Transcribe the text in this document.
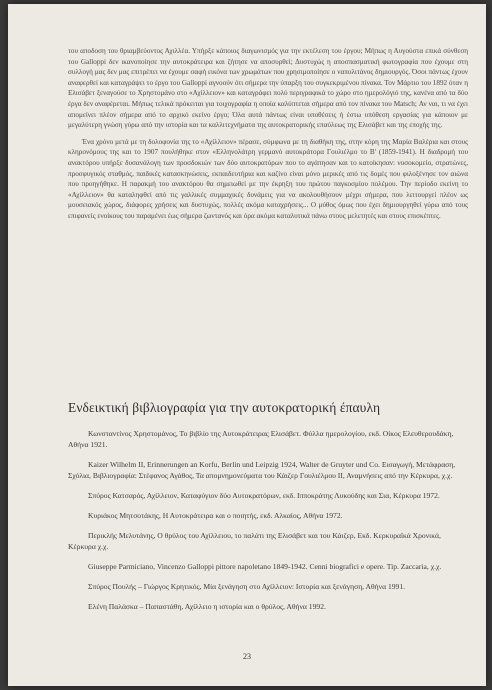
του αποδοση του θριαμβεύοντος Αχιλλέα. Υπήρξε κάποιος διαγωνισμός για την εκτέλεση του έργου; Μήπως η Αυγούστα επικά σύνθεση του Galloppi δεν ικανοποίησε την αυτοκράτειρα και ζήτησε να αποσυρθεί; Δυστυχώς η αποσπασματική φωτογραφία που έχουμε στη συλλογή μας δεν μας επιτρέπει να έχουμε σαφή εικόνα των χρωμάτων που χρησιμοποίησε ο ναπολιτάνος δημιουργός. Όσοι πάντως έχουν αναφερθεί και καταγράψει το έργο του Galloppi αγνοούν ότι σήμερα την ύπαρξη του συγκεκριμένου πίνακα. Τον Μάρτιο του 1892 όταν η Ελισάβετ ξεναγούσε το Χρηστομάνο στο «Αχίλλειον» και καταγράφει πολύ περιγραφικά το χώρο στο ημερολόγιό της, κανένα από τα δύο έργα δεν αναφέρεται. Μήπως τελικά πρόκειται για τοιχογραφία η οποία καλύπτεται σήμερα από τον πίνακα του Matsch; Αν ναι, τι να έχει απομείνει πλέον σήμερα από το αρχικό εκείνο έργο; Όλα αυτά πάντως είναι υποθέσεις ή έστω υπόθεση εργασίας για κάποιον με μεγαλύτερη γνώση γύρω από την ιστορία και τα καλλιτεχνήματα της αυτοκρατορικής επαύλεως της Ελισάβετ και της εποχής της.

Ένα χρόνο μετά με τη δολοφονία της το «Αχίλλειον» πέρασε, σύμφωνα με τη διαθήκη της, στην κόρη της Μαρία Βαλέρια και στους κληρονόμους της και το 1907 πουλήθηκε στον «Ελληνολάτρη γερμανό αυτοκράτορα Γουλιέλμο το Β' (1859-1941). Η διαδρομή του ανακτόρου υπήρξε δυσανάλογη των προσδοκιών των δύο αυτοκρατόρων που το αγάπησαν και το κατοίκησαν: νοσοκομείο, στρατώνες, προσφυγικός σταθμός, παιδικές κατασκηνώσεις, εκπαιδευτήρια και καζίνο είναι μόνο μερικές από τις δομές που φιλοξένησε τον αιώνα που προηγήθηκε. Η παρακμή του ανακτόρου θα σημειωθεί με την έκρηξη του πρώτου παγκοσμίου πολέμου. Την περίοδο εκείνη το «Αχίλλειον» θα καταληφθεί από τις γαλλικές συμμαχικές δυνάμεις για να ακολουθήσουν μέχρι σήμερα, που λειτουργεί πλέον ως μουσειακός χώρος, διάφορες χρήσεις και δυστυχώς, πολλές ακόμα καταχρήσεις... Ο μύθος όμως που έχει δημιουργηθεί γύρω από τους επιφανείς ενοίκους του παραμένει έως σήμερα ζωντανός και όρα ακόμα καταλυτικά πάνω στους μελετητές και στους επισκέπτες.

Ενδεικτική βιβλιογραφία για την αυτοκρατορική έπαυλη

Κωνσταντίνος Χρηστομάνος, Το βιβλίο της Αυτοκράτειρας Ελισάβετ. Φύλλα ημερολογίου, εκδ. Οίκος Ελευθερουδάκη, Αθήνα 1921.

Kaizer Wilhelm II, Erinnerungen an Korfu, Berlin und Leipzig 1924, Walter de Gruyter und Co. Εισαγωγή, Μετάφραση, Σχόλια, Βιβλιογραφία: Στέφανος Αγάθος, Τα απομνημονεύματα του Κάιζερ Γουλιέλμου ΙΙ, Αναμνήσεις από την Κέρκυρα, χ.χ.

Σπύρος Κατσαρός, Αχίλλειον, Καταφύγιον δύο Αυτοκρατόρων, εκδ. Ιπποκράτης Λυκούδης και Σια, Κέρκυρα 1972.

Κυριάκος Μητσοτάκης, Η Αυτοκράτειρα και ο ποιητής, εκδ. Αλκαίος, Αθήνα 1972.

Περικλής Μελυτάνης, Ο θρύλος του Αχίλλειου, το παλάτι της Ελισάβετ και του Κάιζερ, Εκδ. Κερκυραϊκά Χρονικά, Κέρκυρα χ.χ.

Giuseppe Parmiciano, Vincenzo Galloppi pittore napoletano 1849-1942. Cenni biografici e opere. Tip. Zaccaria, χ.χ.

Σπύρος Πουλής – Γιώργος Κρητικός, Μία ξενάγηση στο Αχίλλειον: Ιστορία και ξενάγηση, Αθήνα 1991.

Ελένη Παλάσκα – Παπαστάθη, Αχίλλειο η ιστορία και ο θρύλος, Αθήνα 1992.

23
